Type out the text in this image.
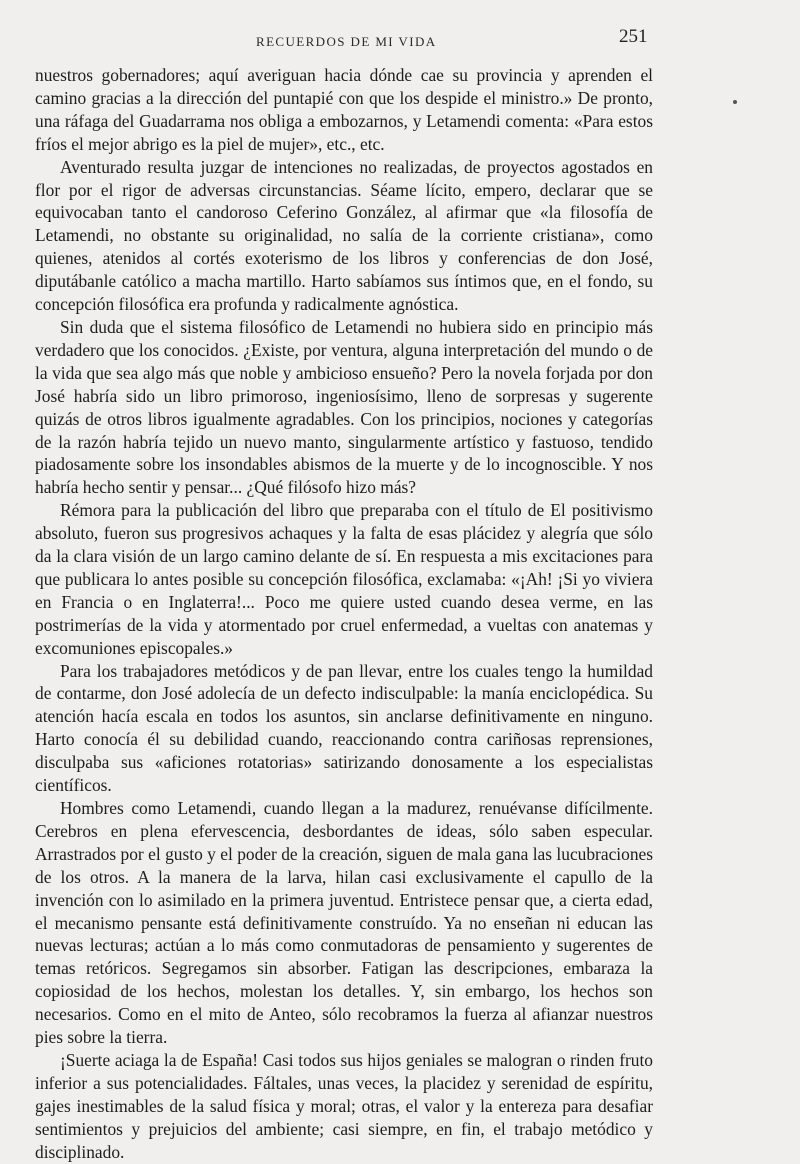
RECUERDOS DE MI VIDA	251

nuestros gobernadores; aquí averiguan hacia dónde cae su provincia y aprenden el camino gracias a la dirección del puntapié con que los despide el ministro.» De pronto, una ráfaga del Guadarrama nos obliga a embozarnos, y Letamendi comenta: «Para estos fríos el mejor abrigo es la piel de mujer», etc., etc.

Aventurado resulta juzgar de intenciones no realizadas, de proyectos agostados en flor por el rigor de adversas circunstancias. Séame lícito, empero, declarar que se equivocaban tanto el candoroso Ceferino González, al afirmar que «la filosofía de Letamendi, no obstante su originalidad, no salía de la corriente cristiana», como quienes, atenidos al cortés exoterismo de los libros y conferencias de don José, diputábanle católico a macha martillo. Harto sabíamos sus íntimos que, en el fondo, su concepción filosófica era profunda y radicalmente agnóstica.

Sin duda que el sistema filosófico de Letamendi no hubiera sido en principio más verdadero que los conocidos. ¿Existe, por ventura, alguna interpretación del mundo o de la vida que sea algo más que noble y ambicioso ensueño? Pero la novela forjada por don José habría sido un libro primoroso, ingeniosísimo, lleno de sorpresas y sugerente quizás de otros libros igualmente agradables. Con los principios, nociones y categorías de la razón habría tejido un nuevo manto, singularmente artístico y fastuoso, tendido piadosamente sobre los insondables abismos de la muerte y de lo incognoscible. Y nos habría hecho sentir y pensar... ¿Qué filósofo hizo más?

Rémora para la publicación del libro que preparaba con el título de El positivismo absoluto, fueron sus progresivos achaques y la falta de esas plácidez y alegría que sólo da la clara visión de un largo camino delante de sí. En respuesta a mis excitaciones para que publicara lo antes posible su concepción filosófica, exclamaba: «¡Ah! ¡Si yo viviera en Francia o en Inglaterra!... Poco me quiere usted cuando desea verme, en las postrimerías de la vida y atormentado por cruel enfermedad, a vueltas con anatemas y excomuniones episcopales.»

Para los trabajadores metódicos y de pan llevar, entre los cuales tengo la humildad de contarme, don José adolecía de un defecto indisculpable: la manía enciclopédica. Su atención hacía escala en todos los asuntos, sin anclarse definitivamente en ninguno. Harto conocía él su debilidad cuando, reaccionando contra cariñosas reprensiones, disculpaba sus «aficiones rotatorias» satirizando donosamente a los especialistas científicos.

Hombres como Letamendi, cuando llegan a la madurez, renuévanse difícilmente. Cerebros en plena efervescencia, desbordantes de ideas, sólo saben especular. Arrastrados por el gusto y el poder de la creación, siguen de mala gana las lucubraciones de los otros. A la manera de la larva, hilan casi exclusivamente el capullo de la invención con lo asimilado en la primera juventud. Entristece pensar que, a cierta edad, el mecanismo pensante está definitivamente construído. Ya no enseñan ni educan las nuevas lecturas; actúan a lo más como conmutadoras de pensamiento y sugerentes de temas retóricos. Segregamos sin absorber. Fatigan las descripciones, embaraza la copiosidad de los hechos, molestan los detalles. Y, sin embargo, los hechos son necesarios. Como en el mito de Anteo, sólo recobramos la fuerza al afianzar nuestros pies sobre la tierra.

¡Suerte aciaga la de España! Casi todos sus hijos geniales se malogran o rinden fruto inferior a sus potencialidades. Fáltales, unas veces, la placidez y serenidad de espíritu, gajes inestimables de la salud física y moral; otras, el valor y la entereza para desafiar sentimientos y prejuicios del ambiente; casi siempre, en fin, el trabajo metódico y disciplinado.
